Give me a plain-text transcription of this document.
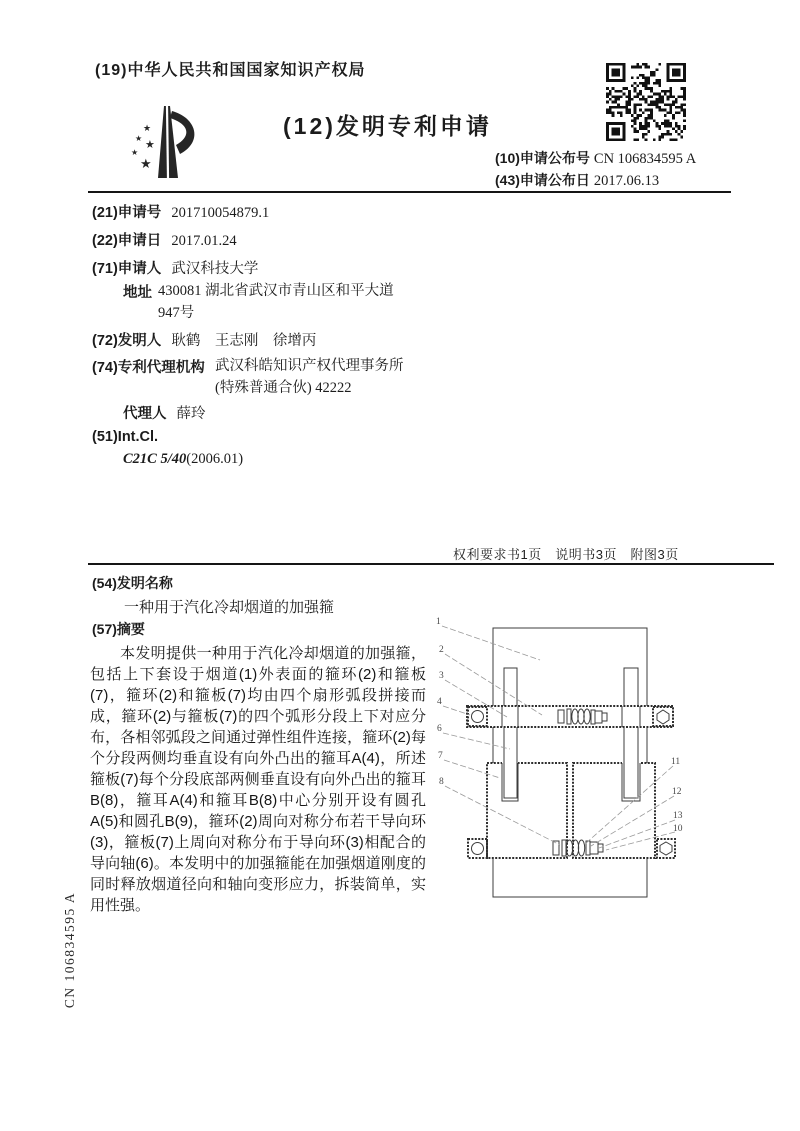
(19)中华人民共和国国家知识产权局
★
★
★
★
★
(12)发明专利申请
(10)申请公布号 CN 106834595 A
(43)申请公布日 2017.06.13
(21)申请号 201710054879.1
(22)申请日 2017.01.24
(71)申请人 武汉科技大学
地址 430081 湖北省武汉市青山区和平大道947号
(72)发明人 耿鹤　王志刚　徐增丙
(74)专利代理机构 武汉科皓知识产权代理事务所(特殊普通合伙) 42222
代理人 薛玲
(51)Int.Cl.
C21C 5/40(2006.01)
权利要求书1页　说明书3页　附图3页
(54)发明名称
一种用于汽化冷却烟道的加强箍
(57)摘要
本发明提供一种用于汽化冷却烟道的加强箍，包括上下套设于烟道(1)外表面的箍环(2)和箍板(7)，箍环(2)和箍板(7)均由四个扇形弧段拼接而成，箍环(2)与箍板(7)的四个弧形分段上下对应分布，各相邻弧段之间通过弹性组件连接，箍环(2)每个分段两侧均垂直设有向外凸出的箍耳A(4)，所述箍板(7)每个分段底部两侧垂直设有向外凸出的箍耳B(8)，箍耳A(4)和箍耳B(8)中心分别开设有圆孔A(5)和圆孔B(9)，箍环(2)周向对称分布若干导向环(3)，箍板(7)上周向对称分布于导向环(3)相配合的导向轴(6)。本发明中的加强箍能在加强烟道刚度的同时释放烟道径向和轴向变形应力，拆装简单，实用性强。
1
2
3
4
6
7
8
11
12
13
10
CN 106834595 A
